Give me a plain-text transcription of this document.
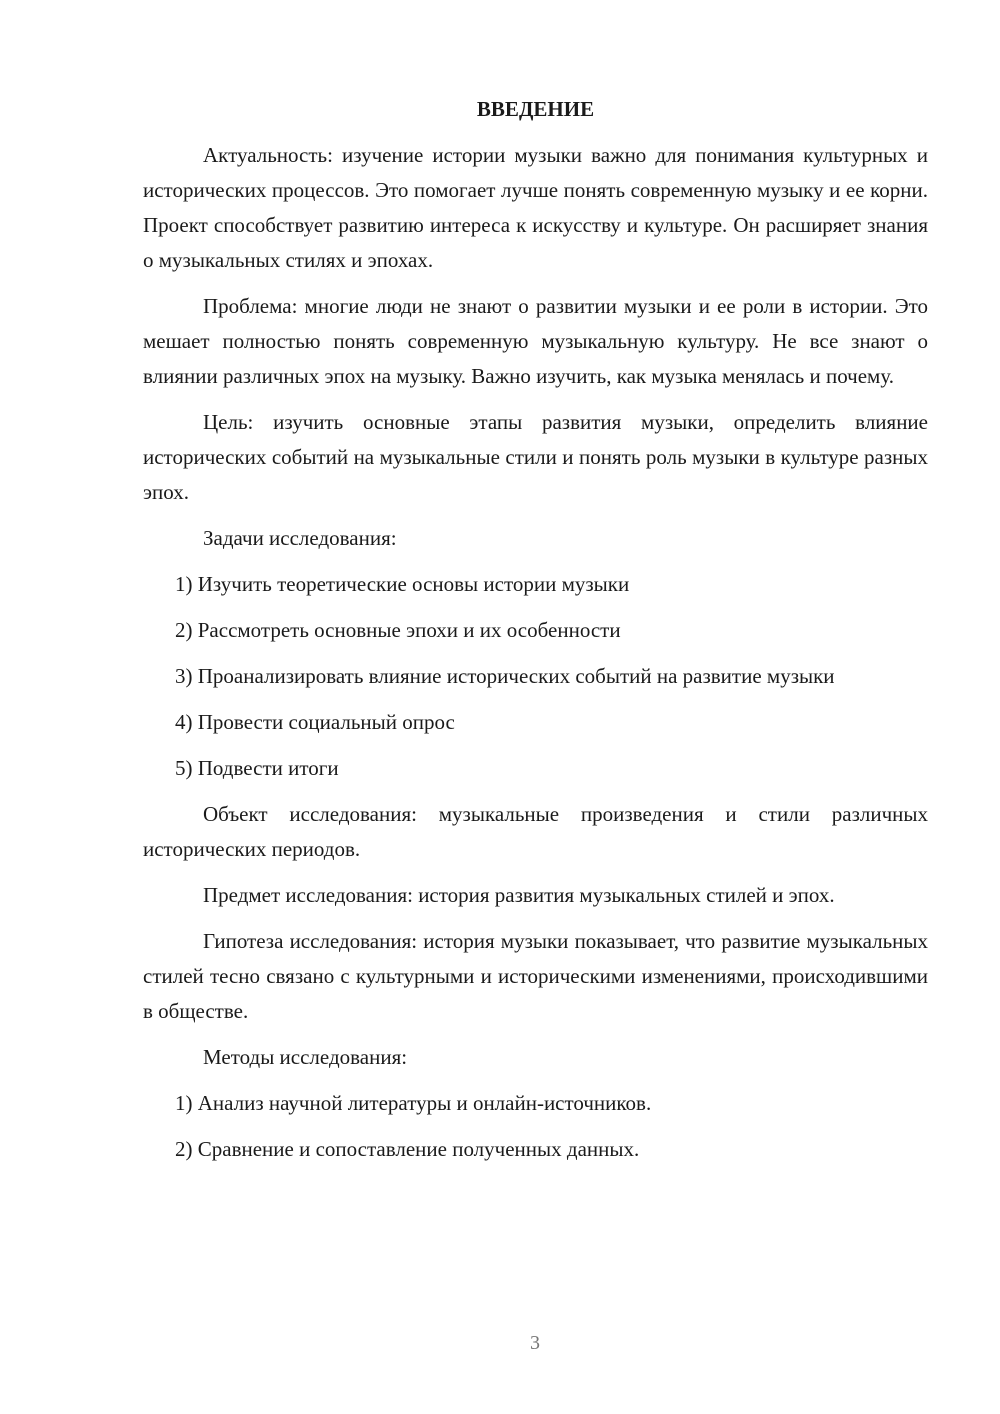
ВВЕДЕНИЕ

Актуальность: изучение истории музыки важно для понимания культурных и исторических процессов. Это помогает лучше понять современную музыку и ее корни. Проект способствует развитию интереса к искусству и культуре. Он расширяет знания о музыкальных стилях и эпохах.

Проблема: многие люди не знают о развитии музыки и ее роли в истории. Это мешает полностью понять современную музыкальную культуру. Не все знают о влиянии различных эпох на музыку. Важно изучить, как музыка менялась и почему.

Цель: изучить основные этапы развития музыки, определить влияние исторических событий на музыкальные стили и понять роль музыки в культуре разных эпох.

Задачи исследования:

1) Изучить теоретические основы истории музыки

2) Рассмотреть основные эпохи и их особенности

3) Проанализировать влияние исторических событий на развитие музыки

4) Провести социальный опрос

5) Подвести итоги

Объект исследования: музыкальные произведения и стили различных исторических периодов.

Предмет исследования: история развития музыкальных стилей и эпох.

Гипотеза исследования: история музыки показывает, что развитие музыкальных стилей тесно связано с культурными и историческими изменениями, происходившими в обществе.

Методы исследования:

1) Анализ научной литературы и онлайн-источников.

2) Сравнение и сопоставление полученных данных.

3
